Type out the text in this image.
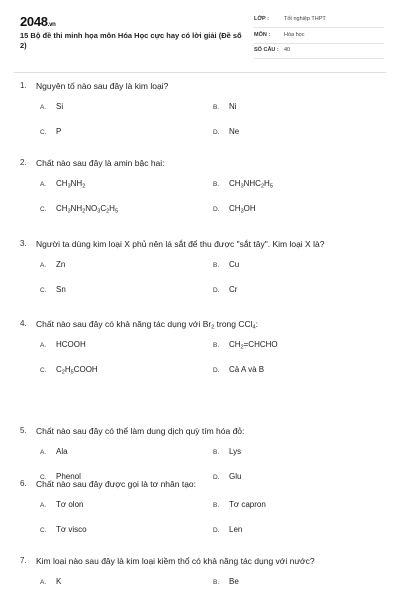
2048.vn
15 Bộ đề thi minh họa môn Hóa Học cực hay có lời giải (Đề số 2)
LỚP :	Tốt nghiệp THPT
MÔN :	Hóa học
SỐ CÂU : 40
1. Nguyên tố nào sau đây là kim loại?
A. Si	B. Ni
C. P	D. Ne
2. Chất nào sau đây là amin bậc hai:
A. $CH_3NH_2$	B. $CH_3NHC_2H_5$
C. $CH_3NH_2NO_3C_2H_5$	D. $CH_3OH$
3. Người ta dùng kim loại X phủ nên lá sắt để thu được "sắt tây". Kim loại X là?
A. Zn	B. Cu
C. Sn	D. Cr
4. Chất nào sau đây có khả năng tác dụng với $Br_2$ trong CCl$_4$:
A. HCOOH	B. $CH_2=CHCHO$
C. $C_2H_5COOH$	D. Cả A và B
5. Chất nào sau đây có thể làm dung dịch quỳ tím hóa đỏ:
A. Ala	B. Lys
C. Phenol	D. Glu
6. Chất nào sau đây được gọi là tơ nhân tạo:
A. Tơ olon	B. Tơ capron
C. Tơ visco	D. Len
7. Kim loại nào sau đây là kim loại kiềm thổ có khả năng tác dụng với nước?
A. K	B. Be
